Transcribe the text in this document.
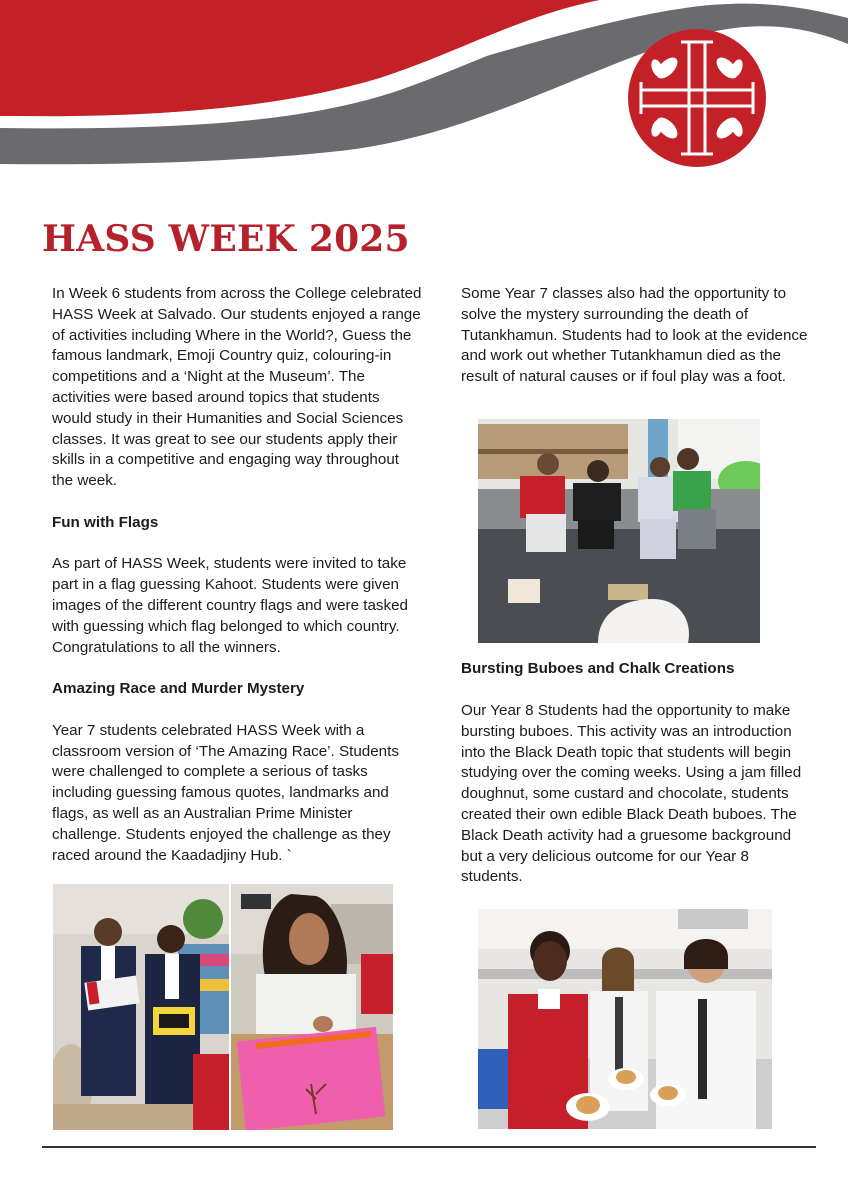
HASS WEEK 2025

In Week 6 students from across the College celebrated HASS Week at Salvado. Our students enjoyed a range of activities including Where in the World?, Guess the famous landmark, Emoji Country quiz, colouring-in competitions and a ‘Night at the Museum’. The activities were based around topics that students would study in their Humanities and Social Sciences classes. It was great to see our students apply their skills in a competitive and engaging way throughout the week.

Fun with Flags

As part of HASS Week, students were invited to take part in a flag guessing Kahoot. Students were given images of the different country flags and were tasked with guessing which flag belonged to which country. Congratulations to all the winners.

Amazing Race and Murder Mystery

Year 7 students celebrated HASS Week with a classroom version of ‘The Amazing Race’. Students were challenged to complete a serious of tasks including guessing famous quotes, landmarks and flags, as well as an Australian Prime Minister challenge. Students enjoyed the challenge as they raced around the Kaadadjiny Hub. `

Some Year 7 classes also had the opportunity to solve the mystery surrounding the death of Tutankhamun. Students had to look at the evidence and work out whether Tutankhamun died as the result of natural causes or if foul play was a foot.

Bursting Buboes and Chalk Creations

Our Year 8 Students had the opportunity to make bursting buboes. This activity was an introduction into the Black Death topic that students will begin studying over the coming weeks. Using a jam filled doughnut, some custard and chocolate, students created their own edible Black Death buboes. The Black Death activity had a gruesome background but a very delicious outcome for our Year 8 students.
